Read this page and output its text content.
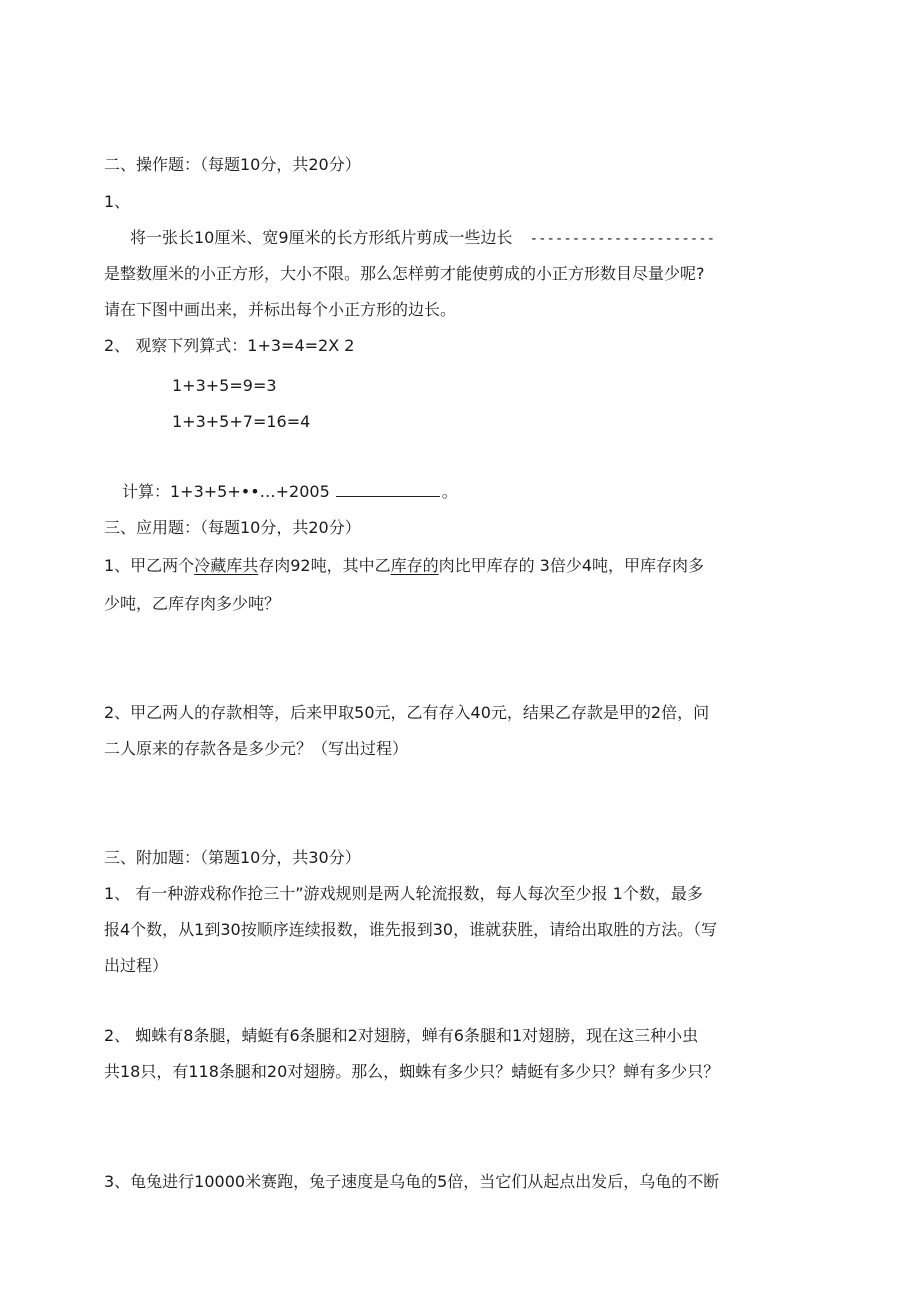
二、操作题：（每题10分，共20分）
1、
将一张长10厘米、宽9厘米的长方形纸片剪成一些边长 ----------------------
是整数厘米的小正方形，大小不限。那么怎样剪才能使剪成的小正方形数目尽量少呢?
请在下图中画出来，并标出每个小正方形的边长。
2、 观察下列算式：1+3=4=2X 2
1+3+5=9=3
1+3+5+7=16=4
计算：1+3+5+••…+2005	。
三、应用题：（每题10分，共20分）
1、甲乙两个冷藏库共存肉92吨，其中乙库存的肉比甲库存的 3倍少4吨，甲库存肉多
少吨，乙库存肉多少吨？
2、甲乙两人的存款相等，后来甲取50元，乙有存入40元，结果乙存款是甲的2倍，问
二人原来的存款各是多少元？（写出过程）
三、附加题：（第题10分，共30分）
1、 有一种游戏称作抢三十”游戏规则是两人轮流报数，每人每次至少报 1个数，最多
报4个数，从1到30按顺序连续报数，谁先报到30，谁就获胜，请给出取胜的方法。（写
出过程）
2、 蜘蛛有8条腿，蜻蜓有6条腿和2对翅膀，蝉有6条腿和1对翅膀，现在这三种小虫
共18只，有118条腿和20对翅膀。那么，蜘蛛有多少只？蜻蜓有多少只？蝉有多少只？
3、龟兔进行10000米赛跑，兔子速度是乌龟的5倍，当它们从起点出发后，乌龟的不断
